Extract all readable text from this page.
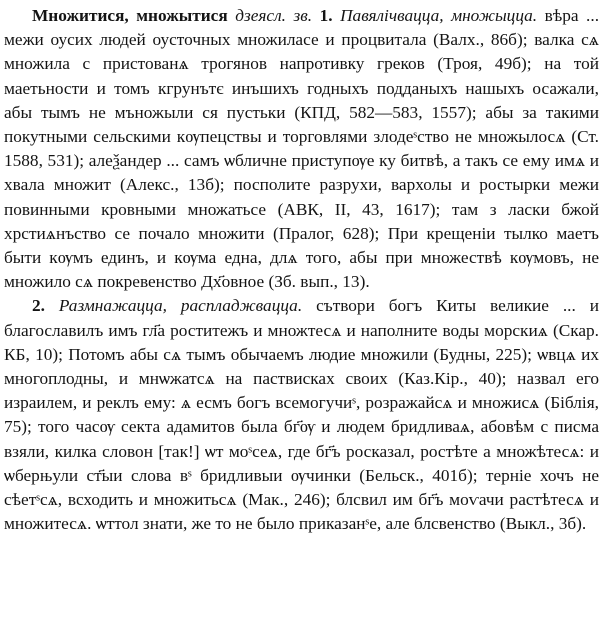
Множитися, множытися дзеясл. зв. 1. Павялічвацца, множыцца. вѣра ... межи оусих людей оусточных множиласе и процвитала (Валх., 86б); валка сѧ множила с пристованѧ трогянов напротивку греков (Троя, 49б); на той маетьности и томъ кгрунътє инъшихъ годныхъ подданыхъ нашыхъ осажали, абы тымъ не мъножыли ся пустьки (КПД, 582—583, 1557); абы за такими покутными сельскими кѹпецствы и торговлями злодеˢство не множылосѧ (Ст. 1588, 531); алеѯандер ... самъ ѡбличне приступѹе ку битвѣ, а такъ се ему имѧ и хвала множит (Алекс., 13б); посполите разрухи, вархолы и ростырки межи повинными кровными множатьсе (АВК, II, 43, 1617); там з ласки бжой хрстиѧнъство се почало множити (Пралог, 628); При крещеніи тылко маетъ быти кѹмъ единъ, и кѹма една, длѧ того, абы при множествѣ кѹмовъ, не множило сѧ покревенство Дх҃овное (Зб. вып., 13).

2. Размнажацца, распладжвацца. сътвори богъ Киты великие ... и благославилъ имъ гл҃а роститежъ и множтесѧ и наполните воды морскиѧ (Скар. КБ, 10); Потомъ абы сѧ тымъ обычаемъ людие множили (Будны, 225); ѡвцѧ их многоплодны, и мнѡжатсѧ на паствисках своих (Каз.Кір., 40); назвал его израилем, и реклъ ему: ѧ есмъ богъ всемогучиˢ, розражайсѧ и множисѧ (Біблія, 75); того часѹ секта адамитов была бг҃ѹ и людем бридливаѧ, абовѣм с писма взяли, килка словон [так!] ѡт моˢсеѧ, где бг҃ъ росказал, ростѣте а множѣтесѧ: и ѡберњули ст҃ыи слова вˢ бридливыи ѹчинки (Бельск., 401б); терніе хочъ не сѣетˢсѧ, всходить и множитьсѧ (Мак., 246); блсвил им бг҃ъ моѵачи растѣтесѧ и множитесѧ. ѡттол знати, же то не было приказанˢе, але блсвенство (Выкл., 3б).
